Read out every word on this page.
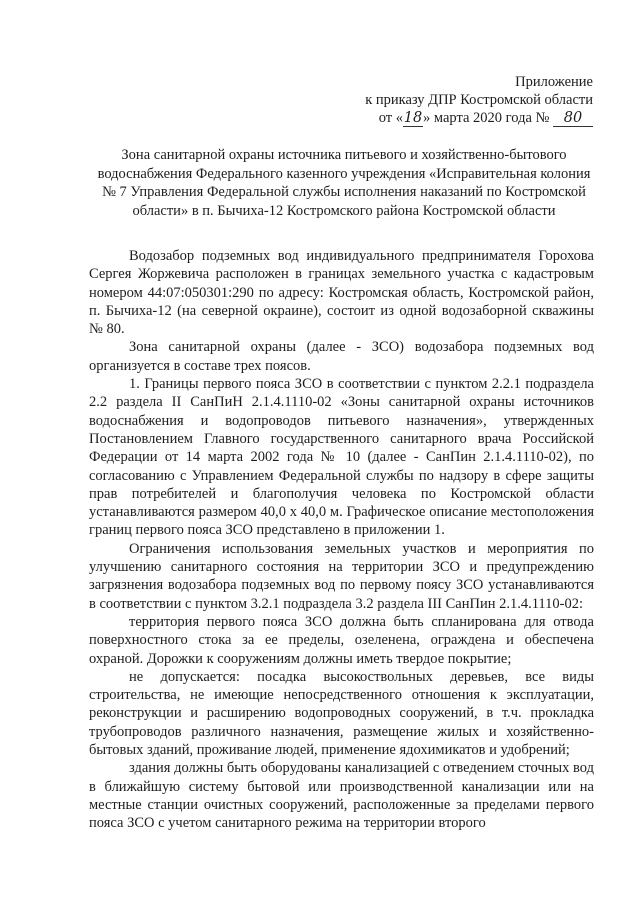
Приложение
к приказу ДПР Костромской области
от «18» марта 2020 года № 80
Зона санитарной охраны источника питьевого и хозяйственно-бытового водоснабжения Федерального казенного учреждения «Исправительная колония № 7 Управления Федеральной службы исполнения наказаний по Костромской области» в п. Бычиха-12 Костромского района Костромской области

Водозабор подземных вод индивидуального предпринимателя Горохова Сергея Жоржевича расположен в границах земельного участка с кадастровым номером 44:07:050301:290 по адресу: Костромская область, Костромской район, п. Бычиха-12 (на северной окраине), состоит из одной водозаборной скважины № 80.

Зона санитарной охраны (далее - ЗСО) водозабора подземных вод организуется в составе трех поясов.

1. Границы первого пояса ЗСО в соответствии с пунктом 2.2.1 подраздела 2.2 раздела II СанПиН 2.1.4.1110-02 «Зоны санитарной охраны источников водоснабжения и водопроводов питьевого назначения», утвержденных Постановлением Главного государственного санитарного врача Российской Федерации от 14 марта 2002 года № 10 (далее - СанПин 2.1.4.1110-02), по согласованию с Управлением Федеральной службы по надзору в сфере защиты прав потребителей и благополучия человека по Костромской области устанавливаются размером 40,0 х 40,0 м. Графическое описание местоположения границ первого пояса ЗСО представлено в приложении 1.

Ограничения использования земельных участков и мероприятия по улучшению санитарного состояния на территории ЗСО и предупреждению загрязнения водозабора подземных вод по первому поясу ЗСО устанавливаются в соответствии с пунктом 3.2.1 подраздела 3.2 раздела III СанПин 2.1.4.1110-02:

территория первого пояса ЗСО должна быть спланирована для отвода поверхностного стока за ее пределы, озеленена, ограждена и обеспечена охраной. Дорожки к сооружениям должны иметь твердое покрытие;

не допускается: посадка высокоствольных деревьев, все виды строительства, не имеющие непосредственного отношения к эксплуатации, реконструкции и расширению водопроводных сооружений, в т.ч. прокладка трубопроводов различного назначения, размещение жилых и хозяйственно-бытовых зданий, проживание людей, применение ядохимикатов и удобрений;

здания должны быть оборудованы канализацией с отведением сточных вод в ближайшую систему бытовой или производственной канализации или на местные станции очистных сооружений, расположенные за пределами первого пояса ЗСО с учетом санитарного режима на территории второго
